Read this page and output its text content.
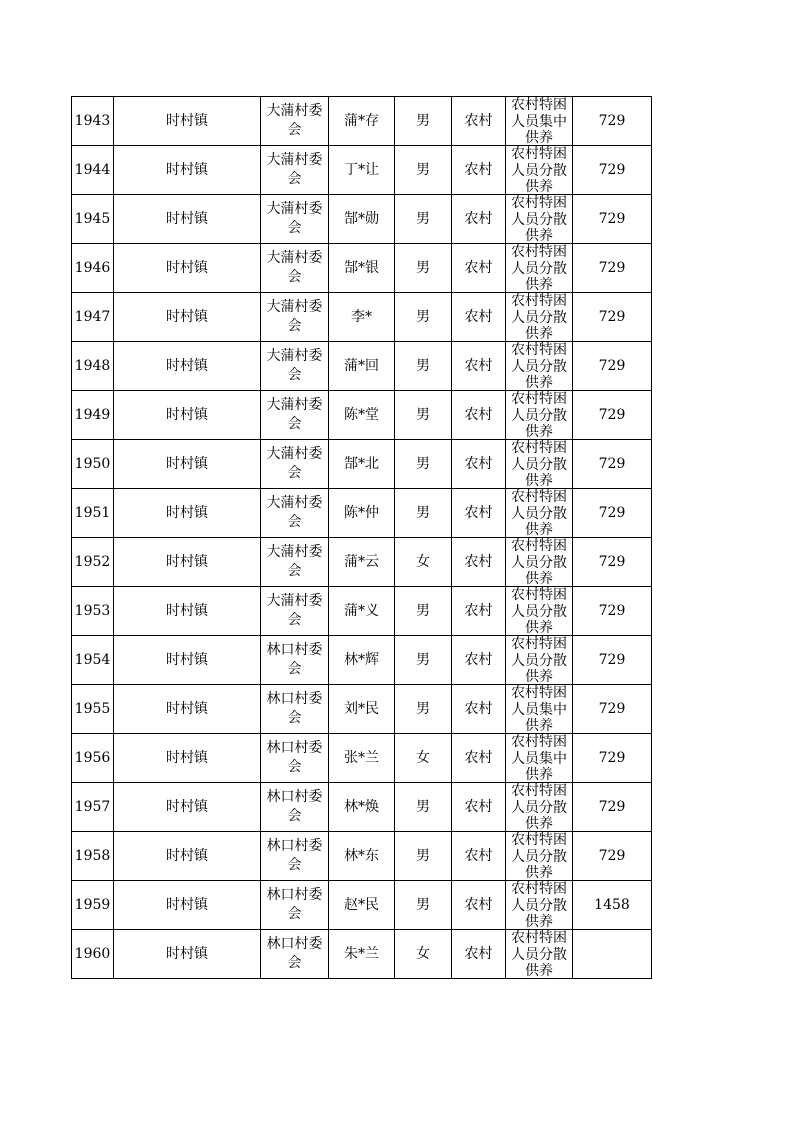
1943	时村镇	大蒲村委会	蒲*存	男	农村	农村特困人员集中供养	729
1944	时村镇	大蒲村委会	丁*让	男	农村	农村特困人员分散供养	729
1945	时村镇	大蒲村委会	郜*勋	男	农村	农村特困人员分散供养	729
1946	时村镇	大蒲村委会	郜*银	男	农村	农村特困人员分散供养	729
1947	时村镇	大蒲村委会	李*	男	农村	农村特困人员分散供养	729
1948	时村镇	大蒲村委会	蒲*回	男	农村	农村特困人员分散供养	729
1949	时村镇	大蒲村委会	陈*堂	男	农村	农村特困人员分散供养	729
1950	时村镇	大蒲村委会	郜*北	男	农村	农村特困人员分散供养	729
1951	时村镇	大蒲村委会	陈*仲	男	农村	农村特困人员分散供养	729
1952	时村镇	大蒲村委会	蒲*云	女	农村	农村特困人员分散供养	729
1953	时村镇	大蒲村委会	蒲*义	男	农村	农村特困人员分散供养	729
1954	时村镇	林口村委会	林*辉	男	农村	农村特困人员分散供养	729
1955	时村镇	林口村委会	刘*民	男	农村	农村特困人员集中供养	729
1956	时村镇	林口村委会	张*兰	女	农村	农村特困人员集中供养	729
1957	时村镇	林口村委会	林*焕	男	农村	农村特困人员分散供养	729
1958	时村镇	林口村委会	林*东	男	农村	农村特困人员分散供养	729
1959	时村镇	林口村委会	赵*民	男	农村	农村特困人员分散供养	1458
1960	时村镇	林口村委会	朱*兰	女	农村	农村特困人员分散供养	
